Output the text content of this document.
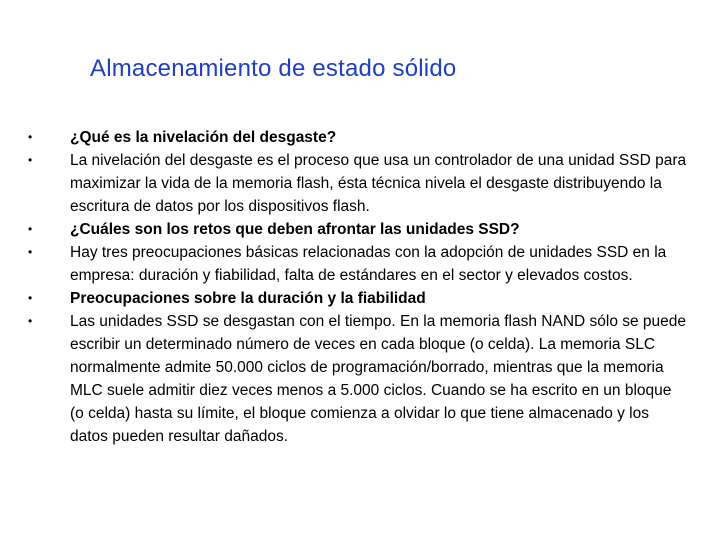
Almacenamiento de estado sólido
•	¿Qué es la nivelación del desgaste?
•	La nivelación del desgaste es el proceso que usa un controlador de una unidad SSD para maximizar la vida de la memoria flash, ésta técnica nivela el desgaste distribuyendo la escritura de datos por los dispositivos flash.
•	¿Cuáles son los retos que deben afrontar las unidades SSD?
•	Hay tres preocupaciones básicas relacionadas con la adopción de unidades SSD en la empresa: duración y fiabilidad, falta de estándares en el sector y elevados costos.
•	Preocupaciones sobre la duración y la fiabilidad
•	Las unidades SSD se desgastan con el tiempo. En la memoria flash NAND sólo se puede escribir un determinado número de veces en cada bloque (o celda). La memoria SLC normalmente admite 50.000 ciclos de programación/borrado, mientras que la memoria MLC suele admitir diez veces menos a 5.000 ciclos. Cuando se ha escrito en un bloque (o celda) hasta su límite, el bloque comienza a olvidar lo que tiene almacenado y los datos pueden resultar dañados.
